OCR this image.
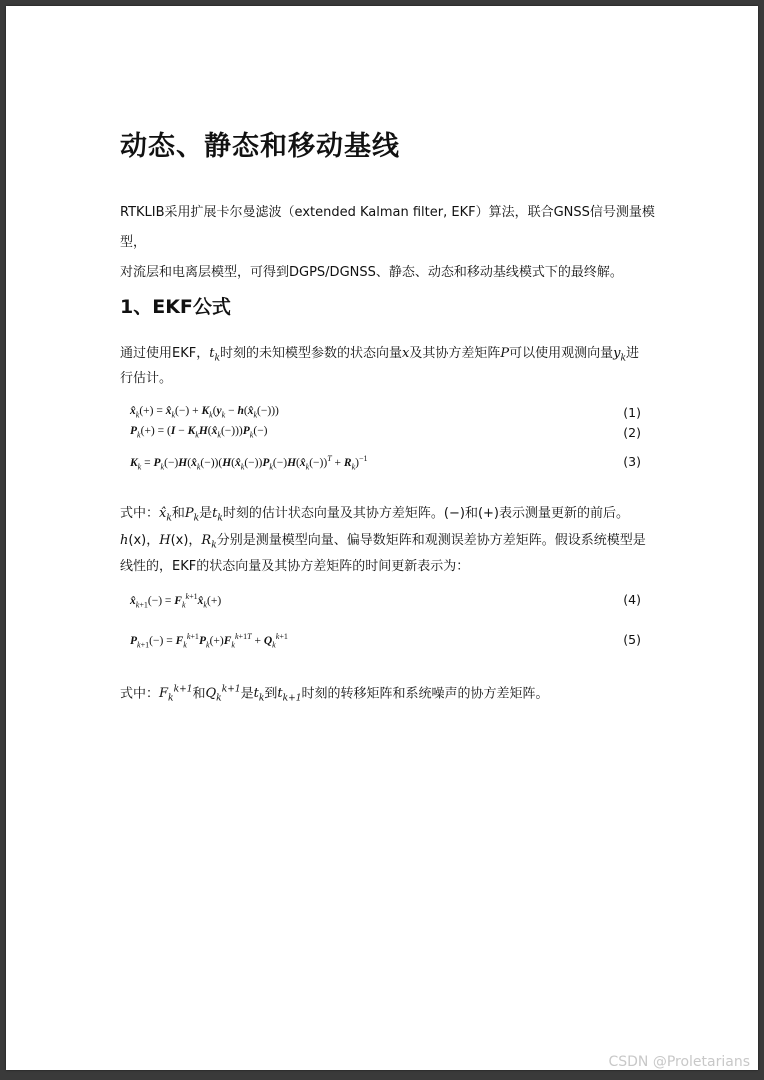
动态、静态和移动基线
RTKLIB采用扩展卡尔曼滤波（extended Kalman filter, EKF）算法，联合GNSS信号测量模型，
对流层和电离层模型，可得到DGPS/DGNSS、静态、动态和移动基线模式下的最终解。
1、EKF公式
通过使用EKF，$t_k$时刻的未知模型参数的状态向量x及其协方差矩阵P可以使用观测向量$y_k$进
行估计。
$x̂_k(+)$ = $x̂_k(-) + K_k(y_k$ − $h(x̂_k(-))$)	(1)
$P_k(+) = (I$ − $K_kH(x̂_k(-)))P_k(-)$	(2)
$K_k$ = $P_k(-)H(x̂_k(-))(H(x̂_k(-))P_k(-)H(x̂_k(-))^T + R_k)^{-1}$	(3)
式中：$x̂_k$和$P_k$是$t_k$时刻的估计状态向量及其协方差矩阵。(−)和(+)表示测量更新的前后。
h(x)，H(x)，$R_k$分别是测量模型向量、偏导数矩阵和观测误差协方差矩阵。假设系统模型是
线性的，EKF的状态向量及其协方差矩阵的时间更新表示为：
$x̂_{k+1}(-)$ = $F_k^{k+1}x̂_k(+)$	(4)
$P_{k+1}(-) = F_k^{k+1}P_k(+)F_k^{k+1T} + Q_k^{k+1}$	(5)
式中：$F_k^{k+1}$和$Q_k^{k+1}$是$t_k$到$t_{k+1}$时刻的转移矩阵和系统噪声的协方差矩阵。
CSDN @Proletarians
